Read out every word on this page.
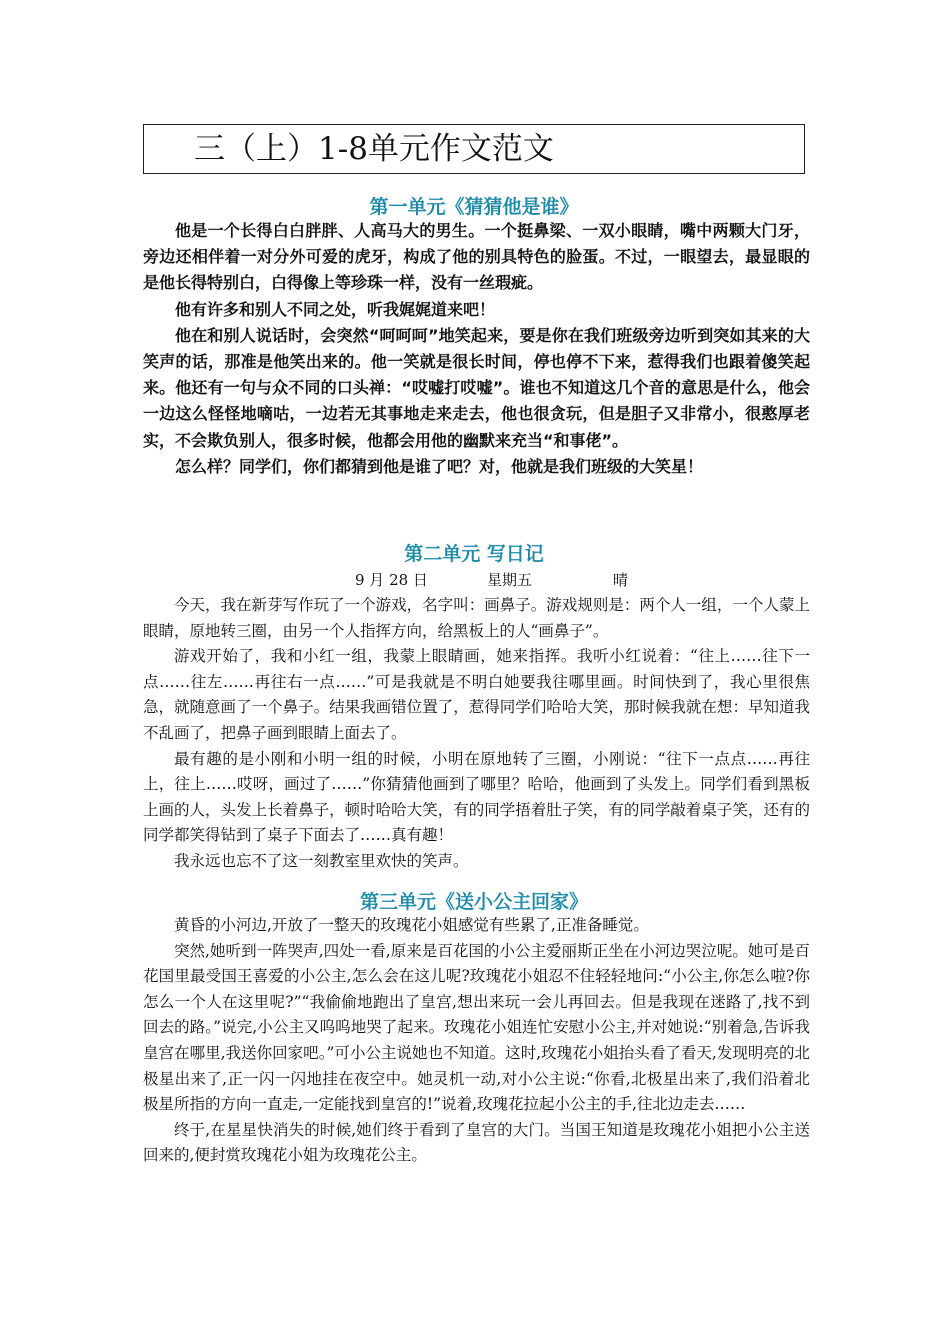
三（上）1-8单元作文范文
第一单元《猜猜他是谁》

他是一个长得白白胖胖、人高马大的男生。一个挺鼻梁、一双小眼睛，嘴中两颗大门牙，旁边还相伴着一对分外可爱的虎牙，构成了他的别具特色的脸蛋。不过，一眼望去，最显眼的是他长得特别白，白得像上等珍珠一样，没有一丝瑕疵。

他有许多和别人不同之处，听我娓娓道来吧！

他在和别人说话时，会突然“呵呵呵”地笑起来，要是你在我们班级旁边听到突如其来的大笑声的话，那准是他笑出来的。他一笑就是很长时间，停也停不下来，惹得我们也跟着傻笑起来。他还有一句与众不同的口头禅：“哎嘘打哎嘘”。谁也不知道这几个音的意思是什么，他会一边这么怪怪地嘀咕，一边若无其事地走来走去，他也很贪玩，但是胆子又非常小，很憨厚老实，不会欺负别人，很多时候，他都会用他的幽默来充当“和事佬”。

怎么样？同学们，你们都猜到他是谁了吧？对，他就是我们班级的大笑星！

第二单元 写日记
9 月 28 日	星期五	晴

今天，我在新芽写作玩了一个游戏，名字叫：画鼻子。游戏规则是：两个人一组，一个人蒙上眼睛，原地转三圈，由另一个人指挥方向，给黑板上的人“画鼻子”。

游戏开始了，我和小红一组，我蒙上眼睛画，她来指挥。我听小红说着：“往上……往下一点……往左……再往右一点……”可是我就是不明白她要我往哪里画。时间快到了，我心里很焦急，就随意画了一个鼻子。结果我画错位置了，惹得同学们哈哈大笑，那时候我就在想：早知道我不乱画了，把鼻子画到眼睛上面去了。

最有趣的是小刚和小明一组的时候，小明在原地转了三圈，小刚说：“往下一点点……再往上，往上……哎呀，画过了……”你猜猜他画到了哪里？哈哈，他画到了头发上。同学们看到黑板上画的人，头发上长着鼻子，顿时哈哈大笑，有的同学捂着肚子笑，有的同学敲着桌子笑，还有的同学都笑得钻到了桌子下面去了……真有趣！

我永远也忘不了这一刻教室里欢快的笑声。

第三单元《送小公主回家》

黄昏的小河边,开放了一整天的玫瑰花小姐感觉有些累了,正准备睡觉。

突然,她听到一阵哭声,四处一看,原来是百花国的小公主爱丽斯正坐在小河边哭泣呢。她可是百花国里最受国王喜爱的小公主,怎么会在这儿呢?玫瑰花小姐忍不住轻轻地问:“小公主,你怎么啦?你怎么一个人在这里呢?”“我偷偷地跑出了皇宫,想出来玩一会儿再回去。但是我现在迷路了,找不到回去的路。”说完,小公主又呜呜地哭了起来。玫瑰花小姐连忙安慰小公主,并对她说:“别着急,告诉我皇宫在哪里,我送你回家吧。”可小公主说她也不知道。这时,玫瑰花小姐抬头看了看天,发现明亮的北极星出来了,正一闪一闪地挂在夜空中。她灵机一动,对小公主说:“你看,北极星出来了,我们沿着北极星所指的方向一直走,一定能找到皇宫的!”说着,玫瑰花拉起小公主的手,往北边走去……

终于,在星星快消失的时候,她们终于看到了皇宫的大门。当国王知道是玫瑰花小姐把小公主送回来的,便封赏玫瑰花小姐为玫瑰花公主。
